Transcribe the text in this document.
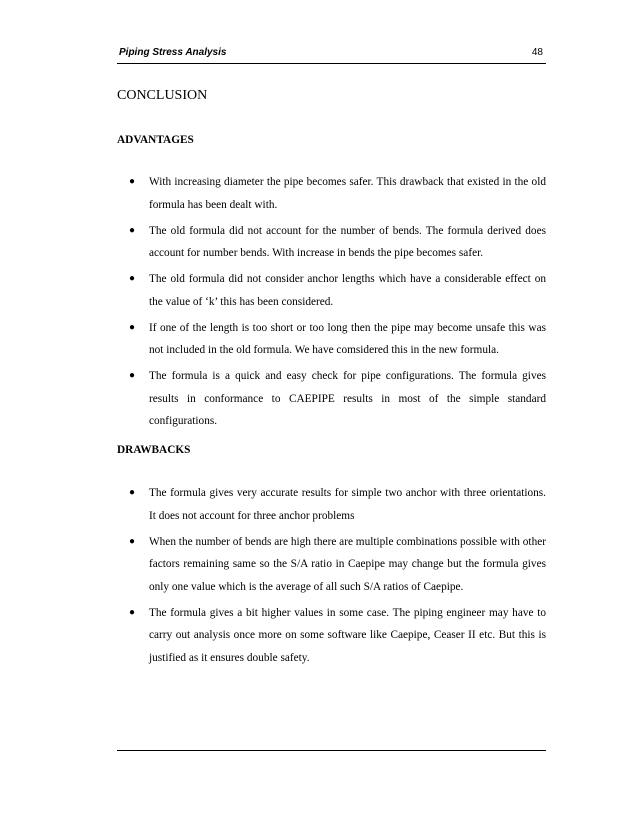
Piping Stress Analysis	48
CONCLUSION
ADVANTAGES
● With increasing diameter the pipe becomes safer. This drawback that existed in the old formula has been dealt with.
● The old formula did not account for the number of bends. The formula derived does account for number bends. With increase in bends the pipe becomes safer.
● The old formula did not consider anchor lengths which have a considerable effect on the value of ‘k’ this has been considered.
● If one of the length is too short or too long then the pipe may become unsafe this was not included in the old formula. We have comsidered this in the new formula.
● The formula is a quick and easy check for pipe configurations. The formula gives results in conformance to CAEPIPE results in most of the simple standard configurations.
DRAWBACKS
● The formula gives very accurate results for simple two anchor with three orientations. It does not account for three anchor problems
● When the number of bends are high there are multiple combinations possible with other factors remaining same so the S/A ratio in Caepipe may change but the formula gives only one value which is the average of all such S/A ratios of Caepipe.
● The formula gives a bit higher values in some case. The piping engineer may have to carry out analysis once more on some software like Caepipe, Ceaser II etc. But this is justified as it ensures double safety.
